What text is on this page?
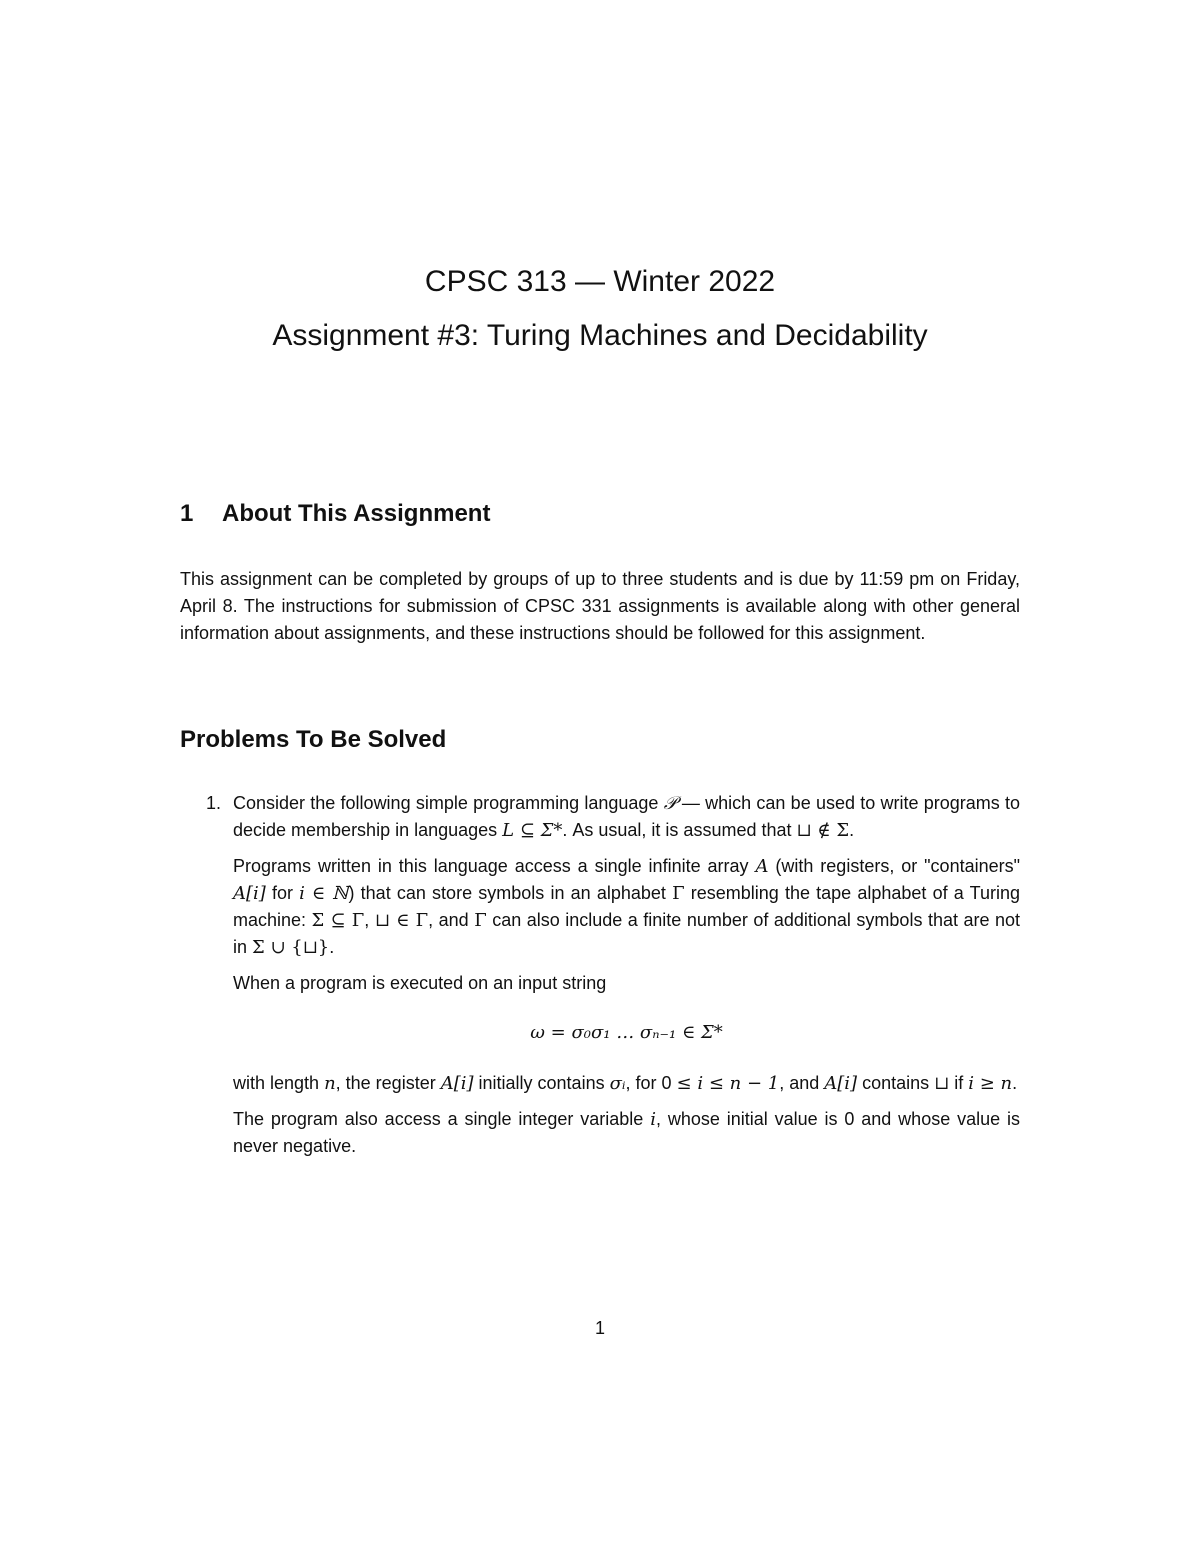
CPSC 313 — Winter 2022
Assignment #3: Turing Machines and Decidability
1 About This Assignment

This assignment can be completed by groups of up to three students and is due by 11:59 pm on Friday, April 8. The instructions for submission of CPSC 331 assignments is available along with other general information about assignments, and these instructions should be followed for this assignment.

Problems To Be Solved
1. Consider the following simple programming language 𝒫 — which can be used to write programs to decide membership in languages L ⊆ Σ*. As usual, it is assumed that ⊔ ∉ Σ.

Programs written in this language access a single infinite array A (with registers, or "containers" A[i] for i ∈ ℕ) that can store symbols in an alphabet Γ resembling the tape alphabet of a Turing machine: Σ ⊆ Γ, ⊔ ∈ Γ, and Γ can also include a finite number of additional symbols that are not in Σ ∪ {⊔}.

When a program is executed on an input string

ω = σ₀σ₁ … σₙ₋₁ ∈ Σ*

with length n, the register A[i] initially contains σᵢ, for 0 ≤ i ≤ n − 1, and A[i] contains ⊔ if i ≥ n.

The program also access a single integer variable i, whose initial value is 0 and whose value is never negative.

1
